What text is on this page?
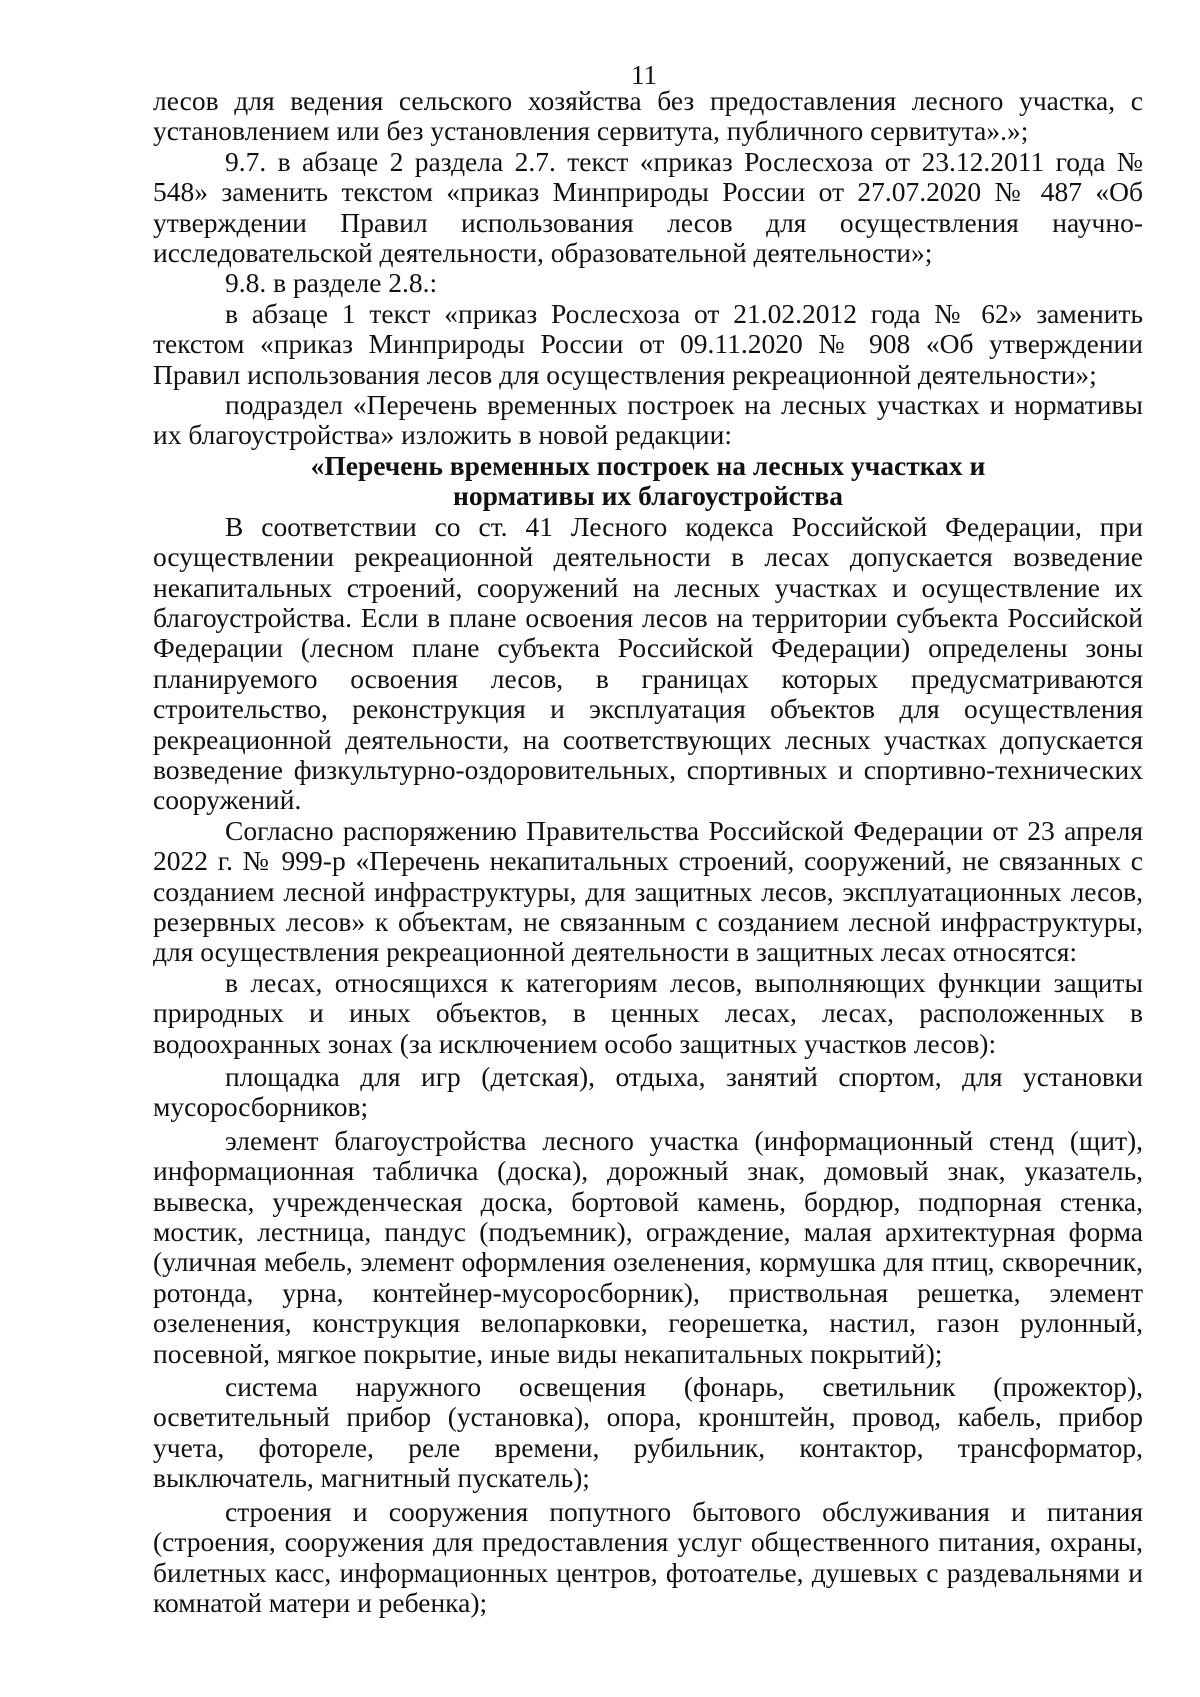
11

лесов для ведения сельского хозяйства без предоставления лесного участка, с установлением или без установления сервитута, публичного сервитута».»;

9.7. в абзаце 2 раздела 2.7. текст «приказ Рослесхоза от 23.12.2011 года № 548» заменить текстом «приказ Минприроды России от 27.07.2020 № 487 «Об утверждении Правил использования лесов для осуществления научно-исследовательской деятельности, образовательной деятельности»;

9.8. в разделе 2.8.:

в абзаце 1 текст «приказ Рослесхоза от 21.02.2012 года № 62» заменить текстом «приказ Минприроды России от 09.11.2020 № 908 «Об утверждении Правил использования лесов для осуществления рекреационной деятельности»;

подраздел «Перечень временных построек на лесных участках и нормативы их благоустройства» изложить в новой редакции:

«Перечень временных построек на лесных участках и

нормативы их благоустройства

В соответствии со ст. 41 Лесного кодекса Российской Федерации, при осуществлении рекреационной деятельности в лесах допускается возведение некапитальных строений, сооружений на лесных участках и осуществление их благоустройства. Если в плане освоения лесов на территории субъекта Российской Федерации (лесном плане субъекта Российской Федерации) определены зоны планируемого освоения лесов, в границах которых предусматриваются строительство, реконструкция и эксплуатация объектов для осуществления рекреационной деятельности, на соответствующих лесных участках допускается возведение физкультурно-оздоровительных, спортивных и спортивно-технических сооружений.

Согласно распоряжению Правительства Российской Федерации от 23 апреля 2022 г. № 999-р «Перечень некапитальных строений, сооружений, не связанных с созданием лесной инфраструктуры, для защитных лесов, эксплуатационных лесов, резервных лесов» к объектам, не связанным с созданием лесной инфраструктуры, для осуществления рекреационной деятельности в защитных лесах относятся:

в лесах, относящихся к категориям лесов, выполняющих функции защиты природных и иных объектов, в ценных лесах, лесах, расположенных в водоохранных зонах (за исключением особо защитных участков лесов):

площадка для игр (детская), отдыха, занятий спортом, для установки мусоросборников;

элемент благоустройства лесного участка (информационный стенд (щит), информационная табличка (доска), дорожный знак, домовый знак, указатель, вывеска, учрежденческая доска, бортовой камень, бордюр, подпорная стенка, мостик, лестница, пандус (подъемник), ограждение, малая архитектурная форма (уличная мебель, элемент оформления озеленения, кормушка для птиц, скворечник, ротонда, урна, контейнер-мусоросборник), приствольная решетка, элемент озеленения, конструкция велопарковки, георешетка, настил, газон рулонный, посевной, мягкое покрытие, иные виды некапитальных покрытий);

система наружного освещения (фонарь, светильник (прожектор), осветительный прибор (установка), опора, кронштейн, провод, кабель, прибор учета, фотореле, реле времени, рубильник, контактор, трансформатор, выключатель, магнитный пускатель);

строения и сооружения попутного бытового обслуживания и питания (строения, сооружения для предоставления услуг общественного питания, охраны, билетных касс, информационных центров, фотоателье, душевых с раздевальнями и комнатой матери и ребенка);
